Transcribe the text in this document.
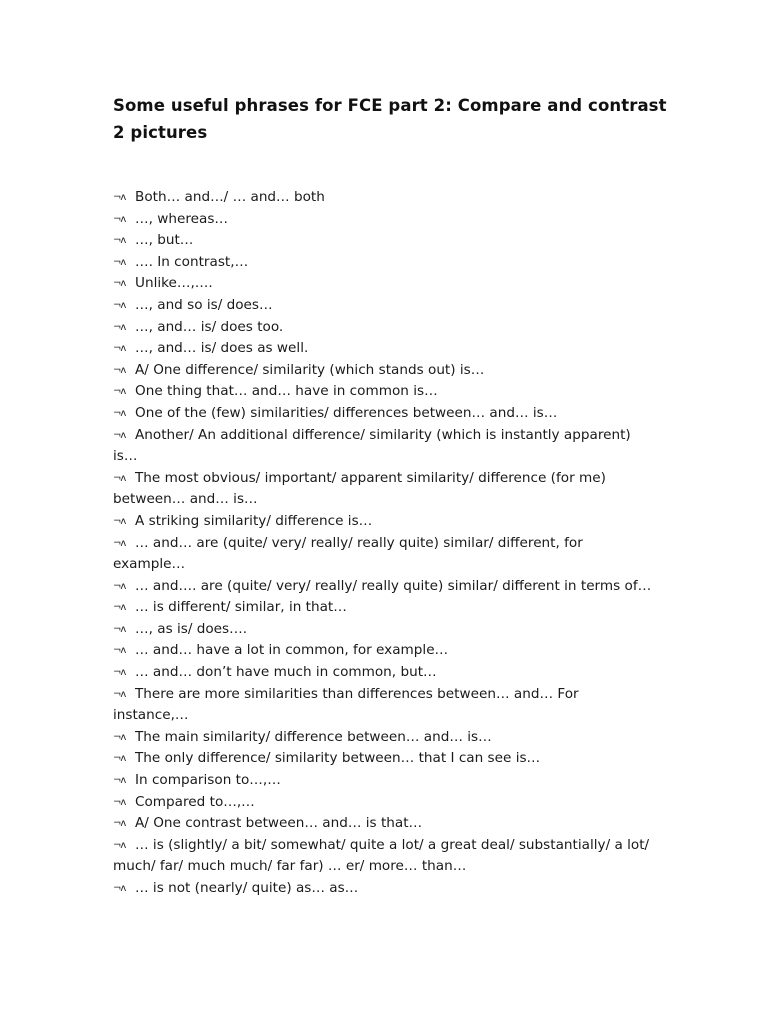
Some useful phrases for FCE part 2: Compare and contrast 2 pictures
¬ʌ Both… and…/ … and… both
¬ʌ …, whereas…
¬ʌ …, but…
¬ʌ …. In contrast,…
¬ʌ Unlike…,….
¬ʌ …, and so is/ does…
¬ʌ …, and… is/ does too.
¬ʌ …, and… is/ does as well.
¬ʌ A/ One difference/ similarity (which stands out) is…
¬ʌ One thing that… and… have in common is…
¬ʌ One of the (few) similarities/ differences between… and… is…
¬ʌ Another/ An additional difference/ similarity (which is instantly apparent) is…
¬ʌ The most obvious/ important/ apparent similarity/ difference (for me) between… and… is…
¬ʌ A striking similarity/ difference is…
¬ʌ … and… are (quite/ very/ really/ really quite) similar/ different, for example…
¬ʌ … and…. are (quite/ very/ really/ really quite) similar/ different in terms of…
¬ʌ … is different/ similar, in that…
¬ʌ …, as is/ does….
¬ʌ … and… have a lot in common, for example…
¬ʌ … and… don’t have much in common, but…
¬ʌ There are more similarities than differences between… and… For instance,…
¬ʌ The main similarity/ difference between… and… is…
¬ʌ The only difference/ similarity between… that I can see is…
¬ʌ In comparison to…,…
¬ʌ Compared to…,…
¬ʌ A/ One contrast between… and… is that…
¬ʌ … is (slightly/ a bit/ somewhat/ quite a lot/ a great deal/ substantially/ a lot/ much/ far/ much much/ far far) … er/ more… than…
¬ʌ … is not (nearly/ quite) as… as…
